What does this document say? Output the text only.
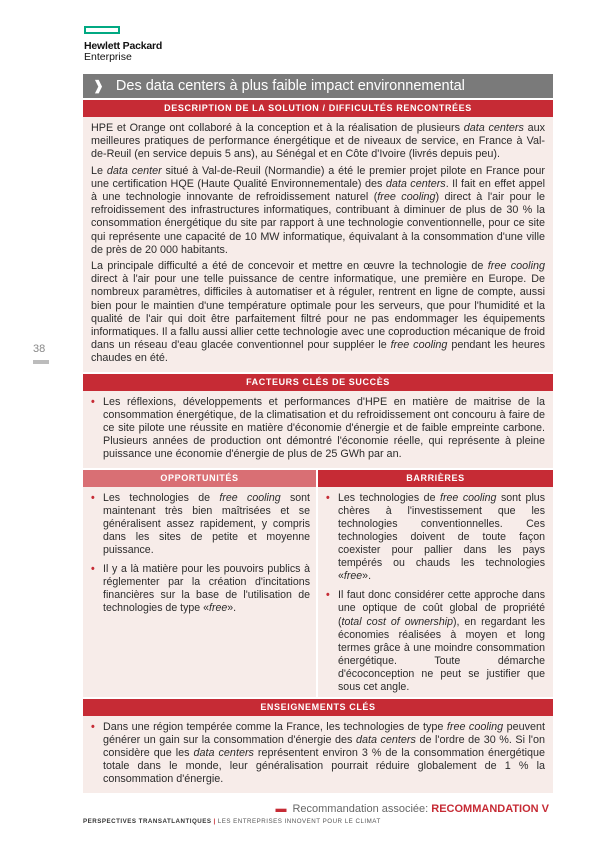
Hewlett Packard
Enterprise
38
❱ Des data centers à plus faible impact environnemental
DESCRIPTION DE LA SOLUTION / DIFFICULTÉS RENCONTRÉES

HPE et Orange ont collaboré à la conception et à la réalisation de plusieurs data centers aux meilleures pratiques de performance énergétique et de niveaux de service, en France à Val-de-Reuil (en service depuis 5 ans), au Sénégal et en Côte d'Ivoire (livrés depuis peu).

Le data center situé à Val-de-Reuil (Normandie) a été le premier projet pilote en France pour une certification HQE (Haute Qualité Environnementale) des data centers. Il fait en effet appel à une technologie innovante de refroidissement naturel (free cooling) direct à l'air pour le refroidissement des infrastructures informatiques, contribuant à diminuer de plus de 30 % la consommation énergétique du site par rapport à une technologie conventionnelle, pour ce site qui représente une capacité de 10 MW informatique, équivalant à la consommation d'une ville de près de 20 000 habitants.

La principale difficulté a été de concevoir et mettre en œuvre la technologie de free cooling direct à l'air pour une telle puissance de centre informatique, une première en Europe. De nombreux paramètres, difficiles à automatiser et à réguler, rentrent en ligne de compte, aussi bien pour le maintien d'une température optimale pour les serveurs, que pour l'humidité et la qualité de l'air qui doit être parfaitement filtré pour ne pas endommager les équipements informatiques. Il a fallu aussi allier cette technologie avec une coproduction mécanique de froid dans un réseau d'eau glacée conventionnel pour suppléer le free cooling pendant les heures chaudes en été.

FACTEURS CLÉS DE SUCCÈS
• Les réflexions, développements et performances d'HPE en matière de maitrise de la consommation énergétique, de la climatisation et du refroidissement ont concouru à faire de ce site pilote une réussite en matière d'économie d'énergie et de faible empreinte carbone. Plusieurs années de production ont démontré l'économie réelle, qui représente à pleine puissance une économie d'énergie de plus de 25 GWh par an.
OPPORTUNITÉS
• Les technologies de free cooling sont maintenant très bien maîtrisées et se généralisent assez rapidement, y compris dans les sites de petite et moyenne puissance.
• Il y a là matière pour les pouvoirs publics à réglementer par la création d'incitations financières sur la base de l'utilisation de technologies de type «free».
BARRIÈRES
• Les technologies de free cooling sont plus chères à l'investissement que les technologies conventionnelles. Ces technologies doivent de toute façon coexister pour pallier dans les pays tempérés ou chauds les technologies «free».
• Il faut donc considérer cette approche dans une optique de coût global de propriété (total cost of ownership), en regardant les économies réalisées à moyen et long termes grâce à une moindre consommation énergétique. Toute démarche d'écoconception ne peut se justifier que sous cet angle.
ENSEIGNEMENTS CLÉS
• Dans une région tempérée comme la France, les technologies de type free cooling peuvent générer un gain sur la consommation d'énergie des data centers de l'ordre de 30 %. Si l'on considère que les data centers représentent environ 3 % de la consommation énergétique totale dans le monde, leur généralisation pourrait réduire globalement de 1 % la consommation d'énergie.
▬ Recommandation associée: RECOMMANDATION V
PERSPECTIVES TRANSATLANTIQUES | LES ENTREPRISES INNOVENT POUR LE CLIMAT
